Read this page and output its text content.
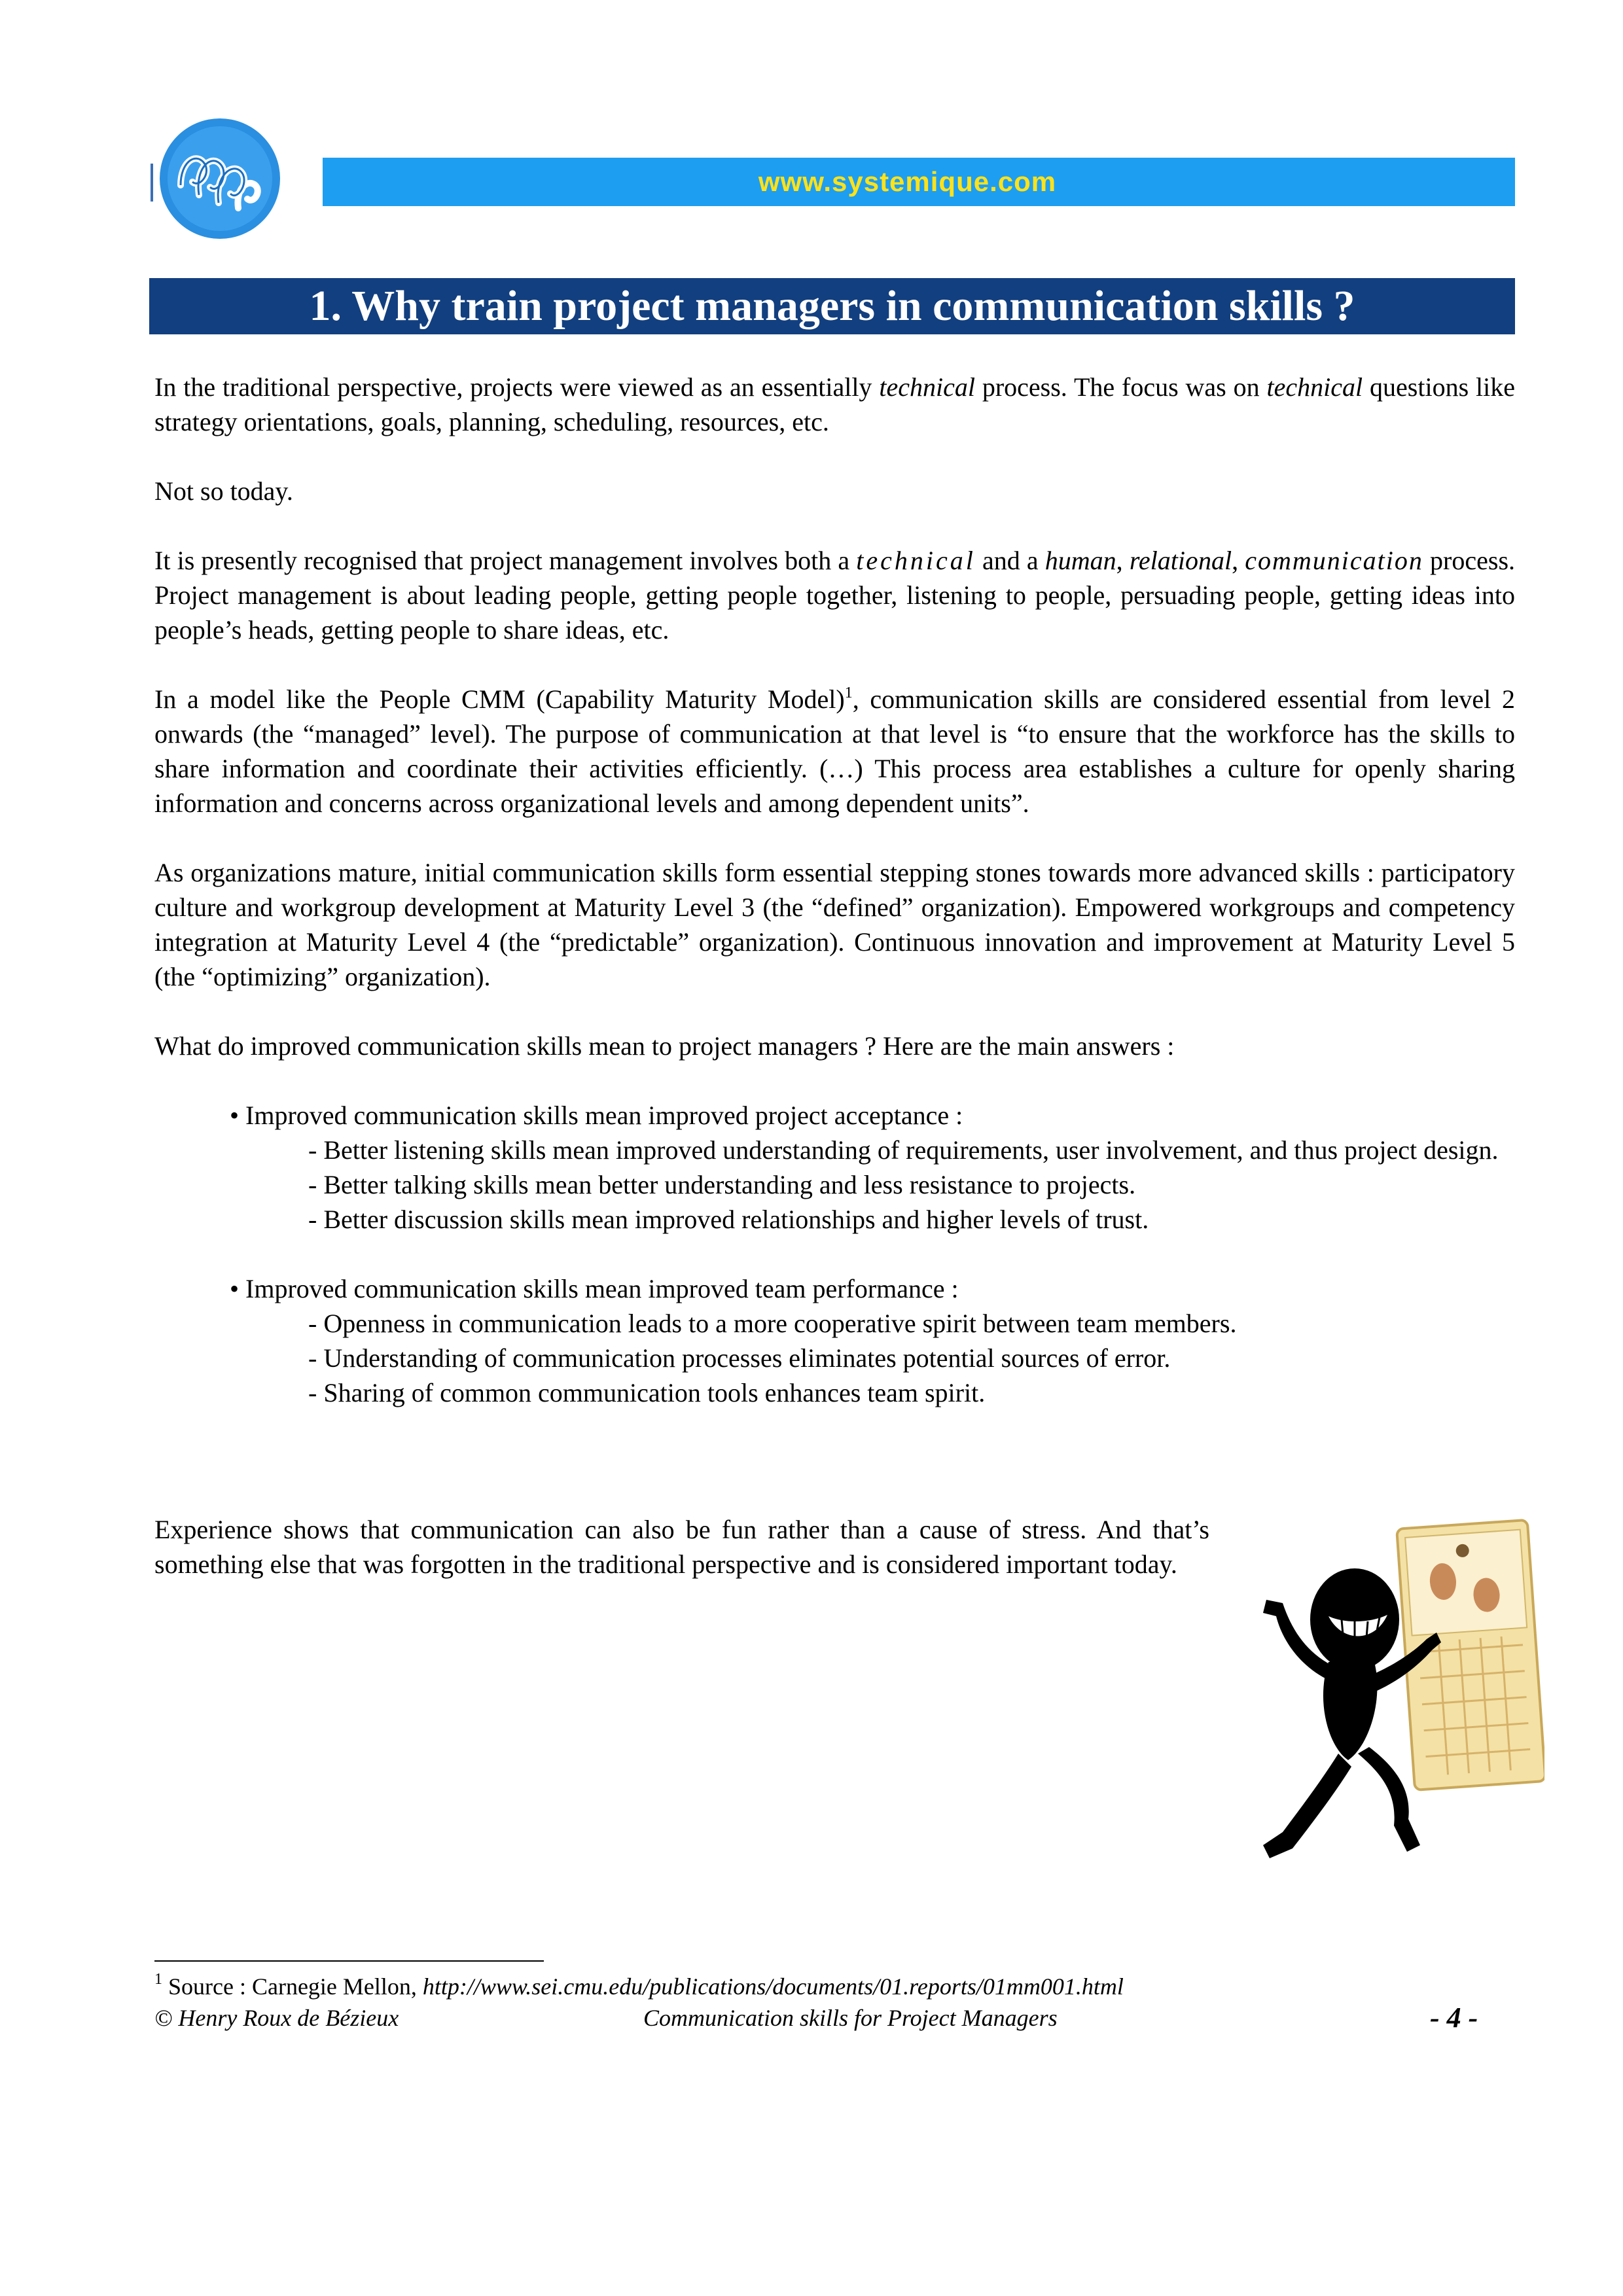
www.systemique.com
1. Why train project managers in communication skills ?

In the traditional perspective, projects were viewed as an essentially technical process. The focus was on technical questions like strategy orientations, goals, planning, scheduling, resources, etc.

Not so today.

It is presently recognised that project management involves both a technical and a human, relational, communication process. Project management is about leading people, getting people together, listening to people, persuading people, getting ideas into people’s heads, getting people to share ideas, etc.

In a model like the People CMM (Capability Maturity Model)$^1$, communication skills are considered essential from level 2 onwards (the “managed” level). The purpose of communication at that level is “to ensure that the workforce has the skills to share information and coordinate their activities efficiently. (…) This process area establishes a culture for openly sharing information and concerns across organizational levels and among dependent units”.

As organizations mature, initial communication skills form essential stepping stones towards more advanced skills : participatory culture and workgroup development at Maturity Level 3 (the “defined” organization). Empowered workgroups and competency integration at Maturity Level 4 (the “predictable” organization). Continuous innovation and improvement at Maturity Level 5 (the “optimizing” organization).

What do improved communication skills mean to project managers ? Here are the main answers :

• Improved communication skills mean improved project acceptance :
- Better listening skills mean improved understanding of requirements, user involvement, and thus project design.
- Better talking skills mean better understanding and less resistance to projects.
- Better discussion skills mean improved relationships and higher levels of trust.
• Improved communication skills mean improved team performance :
- Openness in communication leads to a more cooperative spirit between team members.
- Understanding of communication processes eliminates potential sources of error.
- Sharing of common communication tools enhances team spirit.
Experience shows that communication can also be fun rather than a cause of stress. And that’s something else that was forgotten in the traditional perspective and is considered important today.
$^1$ Source : Carnegie Mellon, http://www.sei.cmu.edu/publications/documents/01.reports/01mm001.html
© Henry Roux de Bézieux	Communication skills for Project Managers	- 4 -
